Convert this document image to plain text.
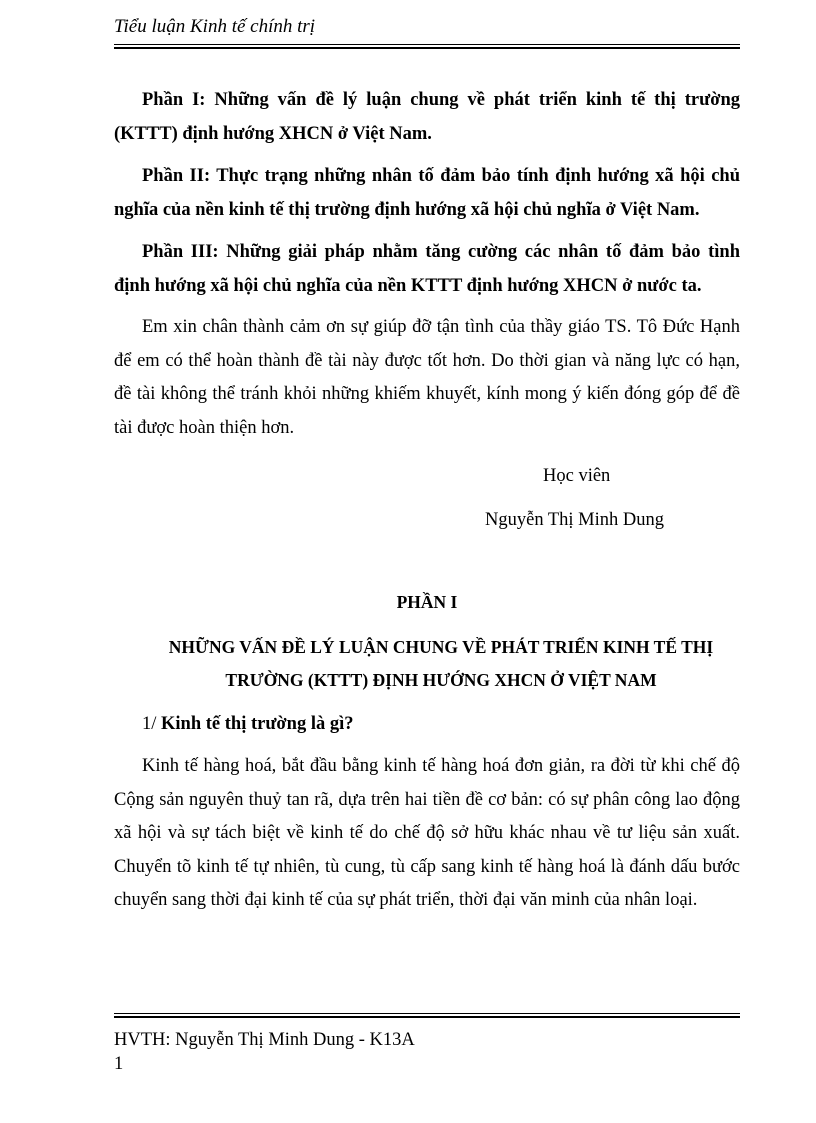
Tiểu luận Kinh tế chính trị

Phần I: Những vấn đề lý luận chung về phát triển kinh tế thị trường (KTTT) định hướng XHCN ở Việt Nam.

Phần II: Thực trạng những nhân tố đảm bảo tính định hướng xã hội chủ nghĩa của nền kinh tế thị trường định hướng xã hội chủ nghĩa ở Việt Nam.

Phần III: Những giải pháp nhằm tăng cường các nhân tố đảm bảo tình định hướng xã hội chủ nghĩa của nền KTTT định hướng XHCN ở nước ta.

Em xin chân thành cảm ơn sự giúp đỡ tận tình của thầy giáo TS. Tô Đức Hạnh để em có thể hoàn thành đề tài này được tốt hơn. Do thời gian và năng lực có hạn, đề tài không thể tránh khỏi những khiếm khuyết, kính mong ý kiến đóng góp để đề tài được hoàn thiện hơn.

Học viên
Nguyễn Thị Minh Dung
PHẦN I
NHỮNG VẤN ĐỀ LÝ LUẬN CHUNG VỀ PHÁT TRIỂN KINH TẾ THỊ
TRƯỜNG (KTTT) ĐỊNH HƯỚNG XHCN Ở VIỆT NAM
1/ Kinh tế thị trường là gì?

Kinh tế hàng hoá, bắt đầu bằng kinh tế hàng hoá đơn giản, ra đời từ khi chế độ Cộng sản nguyên thuỷ tan rã, dựa trên hai tiền đề cơ bản: có sự phân công lao động xã hội và sự tách biệt về kinh tế do chế độ sở hữu khác nhau về tư liệu sản xuất. Chuyển tõ kinh tế tự nhiên, tù cung, tù cấp sang kinh tế hàng hoá là đánh dấu bước chuyển sang thời đại kinh tế của sự phát triển, thời đại văn minh của nhân loại.

HVTH: Nguyễn Thị Minh Dung - K13A
1
